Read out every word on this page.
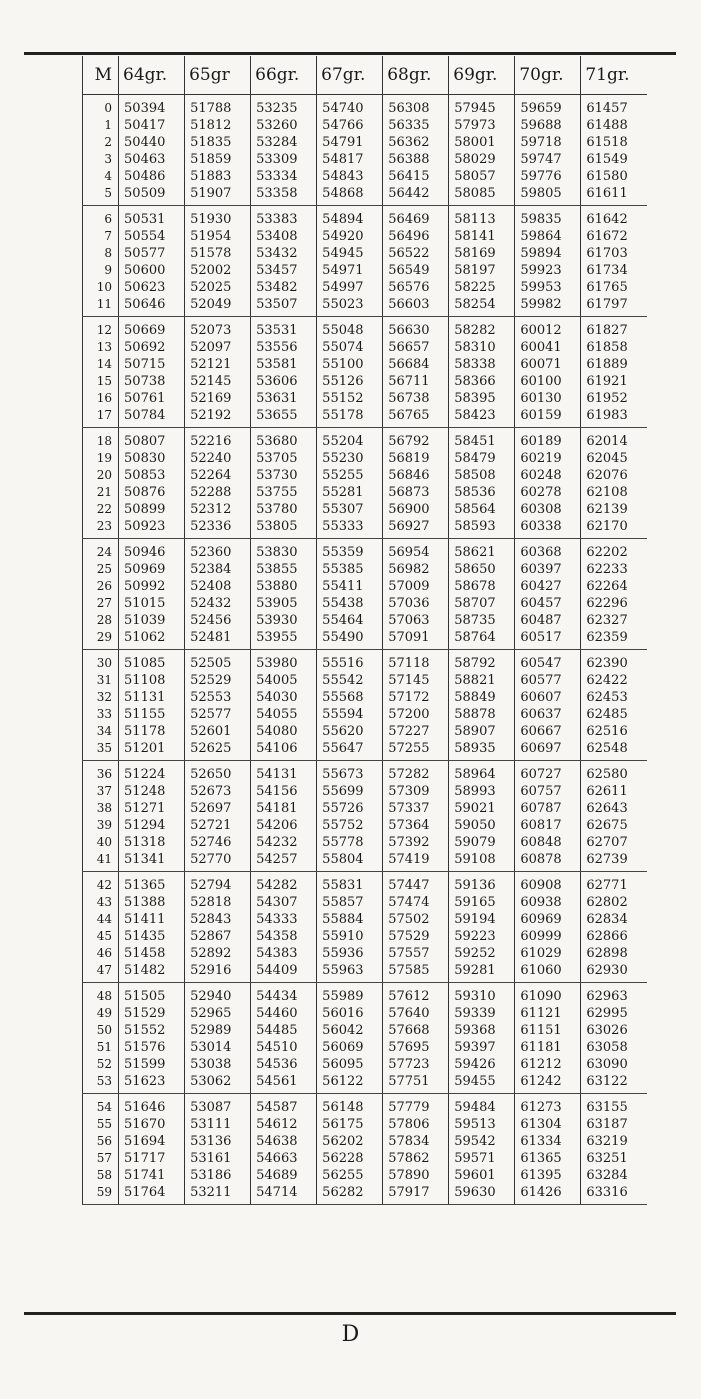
M	64gr.	65gr	66gr.	67gr.	68gr.	69gr.	70gr.	71gr.
0	50394	51788	53235	54740	56308	57945	59659	61457
1	50417	51812	53260	54766	56335	57973	59688	61488
2	50440	51835	53284	54791	56362	58001	59718	61518
3	50463	51859	53309	54817	56388	58029	59747	61549
4	50486	51883	53334	54843	56415	58057	59776	61580
5	50509	51907	53358	54868	56442	58085	59805	61611
6	50531	51930	53383	54894	56469	58113	59835	61642
7	50554	51954	53408	54920	56496	58141	59864	61672
8	50577	51578	53432	54945	56522	58169	59894	61703
9	50600	52002	53457	54971	56549	58197	59923	61734
10	50623	52025	53482	54997	56576	58225	59953	61765
11	50646	52049	53507	55023	56603	58254	59982	61797
12	50669	52073	53531	55048	56630	58282	60012	61827
13	50692	52097	53556	55074	56657	58310	60041	61858
14	50715	52121	53581	55100	56684	58338	60071	61889
15	50738	52145	53606	55126	56711	58366	60100	61921
16	50761	52169	53631	55152	56738	58395	60130	61952
17	50784	52192	53655	55178	56765	58423	60159	61983
18	50807	52216	53680	55204	56792	58451	60189	62014
19	50830	52240	53705	55230	56819	58479	60219	62045
20	50853	52264	53730	55255	56846	58508	60248	62076
21	50876	52288	53755	55281	56873	58536	60278	62108
22	50899	52312	53780	55307	56900	58564	60308	62139
23	50923	52336	53805	55333	56927	58593	60338	62170
24	50946	52360	53830	55359	56954	58621	60368	62202
25	50969	52384	53855	55385	56982	58650	60397	62233
26	50992	52408	53880	55411	57009	58678	60427	62264
27	51015	52432	53905	55438	57036	58707	60457	62296
28	51039	52456	53930	55464	57063	58735	60487	62327
29	51062	52481	53955	55490	57091	58764	60517	62359
30	51085	52505	53980	55516	57118	58792	60547	62390
31	51108	52529	54005	55542	57145	58821	60577	62422
32	51131	52553	54030	55568	57172	58849	60607	62453
33	51155	52577	54055	55594	57200	58878	60637	62485
34	51178	52601	54080	55620	57227	58907	60667	62516
35	51201	52625	54106	55647	57255	58935	60697	62548
36	51224	52650	54131	55673	57282	58964	60727	62580
37	51248	52673	54156	55699	57309	58993	60757	62611
38	51271	52697	54181	55726	57337	59021	60787	62643
39	51294	52721	54206	55752	57364	59050	60817	62675
40	51318	52746	54232	55778	57392	59079	60848	62707
41	51341	52770	54257	55804	57419	59108	60878	62739
42	51365	52794	54282	55831	57447	59136	60908	62771
43	51388	52818	54307	55857	57474	59165	60938	62802
44	51411	52843	54333	55884	57502	59194	60969	62834
45	51435	52867	54358	55910	57529	59223	60999	62866
46	51458	52892	54383	55936	57557	59252	61029	62898
47	51482	52916	54409	55963	57585	59281	61060	62930
48	51505	52940	54434	55989	57612	59310	61090	62963
49	51529	52965	54460	56016	57640	59339	61121	62995
50	51552	52989	54485	56042	57668	59368	61151	63026
51	51576	53014	54510	56069	57695	59397	61181	63058
52	51599	53038	54536	56095	57723	59426	61212	63090
53	51623	53062	54561	56122	57751	59455	61242	63122
54	51646	53087	54587	56148	57779	59484	61273	63155
55	51670	53111	54612	56175	57806	59513	61304	63187
56	51694	53136	54638	56202	57834	59542	61334	63219
57	51717	53161	54663	56228	57862	59571	61365	63251
58	51741	53186	54689	56255	57890	59601	61395	63284
59	51764	53211	54714	56282	57917	59630	61426	63316
D
